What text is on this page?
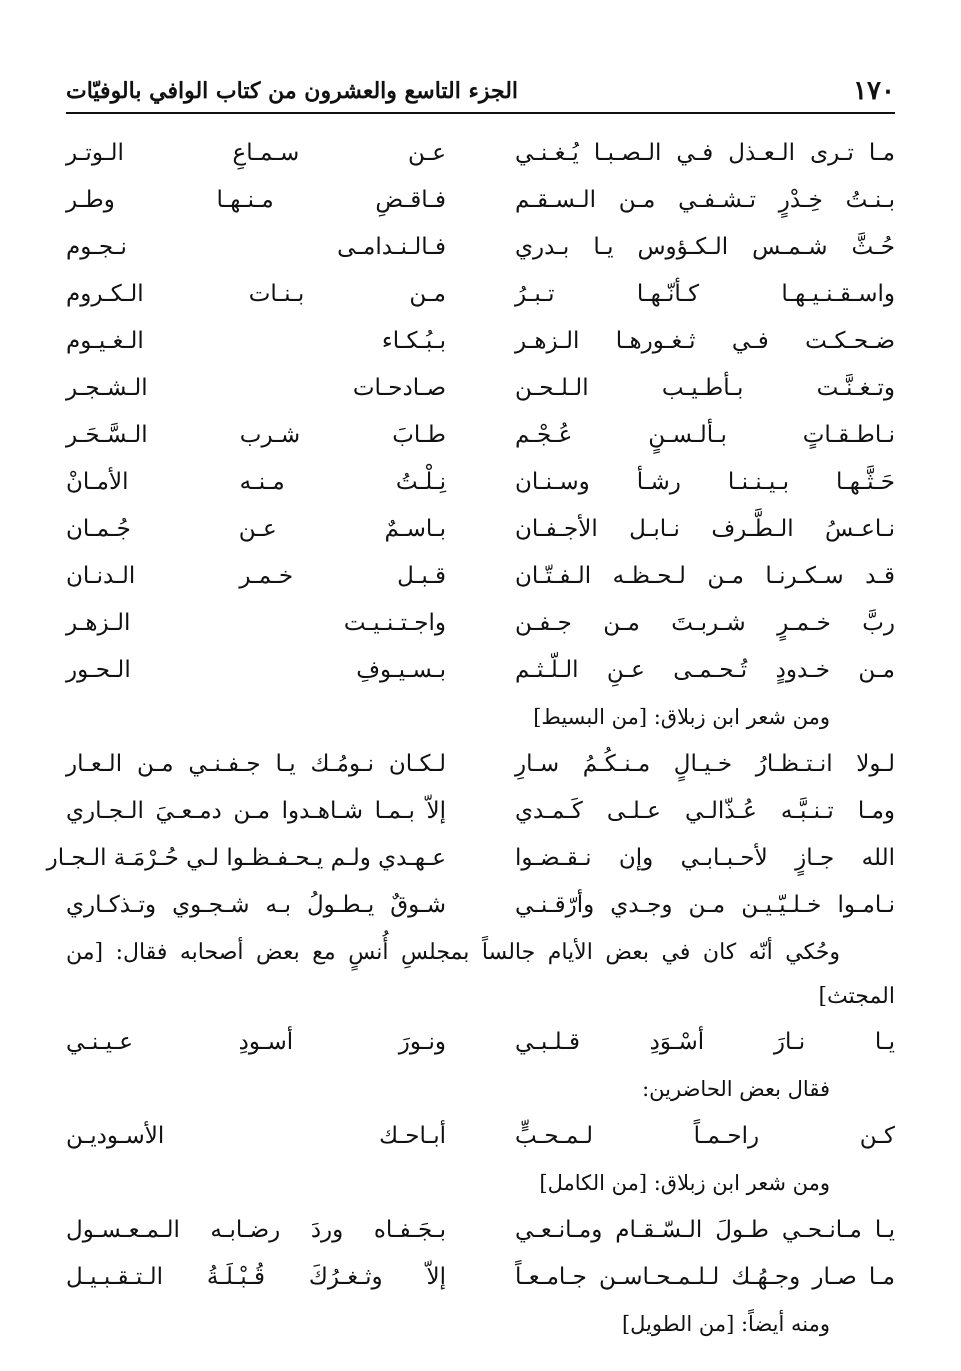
١٧٠
الجزء التاسع والعشرون من كتاب الوافي بالوفيّات
مـا تـرى الـعـذل فـي الـصـبـا يُـغـنـي
عـن سـمـاعِ الـوتـر
بـنـتُ خِـدْرٍ تـشـفـي مـن الـسـقـم
فـاقـضِ مـنـهـا وطـر
حُـثَّ شـمـس الـكـؤوس يـا بـدري
فـالـنـدامـى نـجـوم
واسـقـنـيـهـا كـأنّـهـا تـبـرُ
مـن بـنـات الـكـروم
ضـحـكـت فـي ثـغـورهـا الـزهـر
بـبُـكـاء الـغـيـوم
وتـغـنَّـت بـأطـيـب الـلـحـن
صـادحـات الـشـجـر
نـاطـقـاتٍ بـألـسـنٍ عُـجْـم
طـابَ شـرب الـسَّـحَـر
حَـثَّـهـا بـيـنـنـا رشـأ وسـنـان
نِـلْـتُ مـنـه الأمـانْ
نـاعـسُ الـطَّـرف نـابـل الأجـفـان
بـاسـمٌ عـن جُـمـان
قـد سـكـرنـا مـن لـحـظـه الـفـتّـان
قـبـل خـمـر الـدنـان
ربَّ خـمـرٍ شـربـتَ مـن جـفـن
واجـتـنـيـت الـزهـر
مـن خـدودٍ تُـحـمـى عـنِ الـلّـثـم
بـسـيـوفِ الـحـور
ومن شعر ابن زبلاق: [من البسيط]
لـولا انـتـظـارُ خـيـالٍ مـنـكُـمُ سـارِ
لـكـان نـومُـك يـا جـفـنـي مـن الـعـار
ومـا تـنـبَّـه عُـذّالـي عـلـى كَـمـدي
إلاّ بـمـا شـاهـدوا مـن دمـعـيَ الـجـاري
الله جـازٍ لأحـبـابـي وإن نـقـضـوا
عـهـدي ولـم يـحـفـظـوا لـي حُـرْمَـة الـجـار
نـامـوا خـلـيّـيـن مـن وجـدي وأرّقـنـي
شـوقٌ يـطـولُ بـه شـجـوي وتـذكـاري
وحُكي أنّه كان في بعض الأيام جالساً بمجلسِ أُنسٍ مع بعض أصحابه فقال: [من
المجتث]
يـا نـارَ أسْـوَدِ قـلـبـي
ونـورَ أسـودِ عـيـنـي
فقال بعض الحاضرين:
كـن راحـمـاً لـمـحـبٍّ
أبـاحـك الأسـوديـن
ومن شعر ابن زبلاق: [من الكامل]
يـا مـانـحـي طـولَ الـسّـقـام ومـانـعـي
بـجَـفـاه وردَ رضـابـه الـمـعـسـول
مـا صـار وجـهُـك لـلـمـحـاسـن جـامـعـاً
إلاّ وثـغـرُكَ قُـبْـلَـةُ الـتـقـبـيـل
ومنه أيضاً: [من الطويل]
